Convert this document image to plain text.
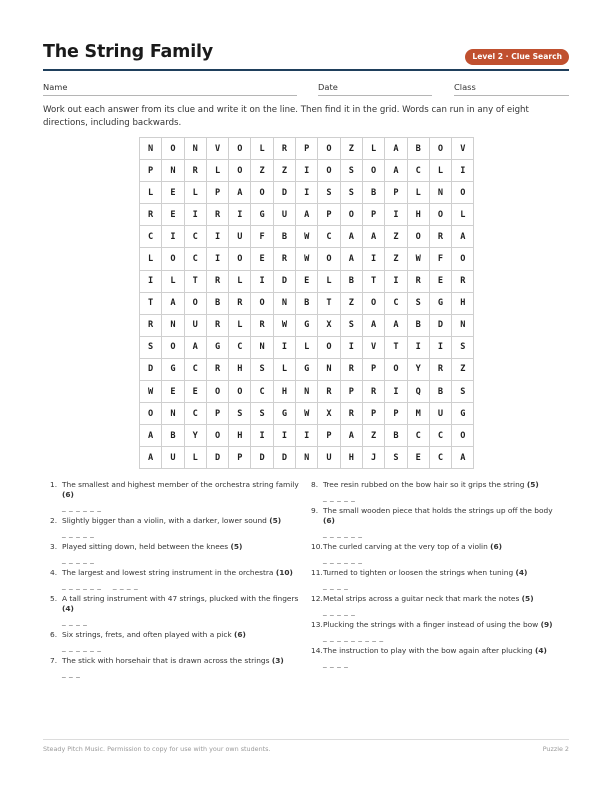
The String Family	Level 2 · Clue Search
Name	Date	Class
Work out each answer from its clue and write it on the line. Then find it in the grid. Words can run in any of eight directions, including backwards.
N	O	N	V	O	L	R	P	O	Z	L	A	B	O	V
P	N	R	L	O	Z	Z	I	O	S	O	A	C	L	I
L	E	L	P	A	O	D	I	S	S	B	P	L	N	O
R	E	I	R	I	G	U	A	P	O	P	I	H	O	L
C	I	C	I	U	F	B	W	C	A	A	Z	O	R	A
L	O	C	I	O	E	R	W	O	A	I	Z	W	F	O
I	L	T	R	L	I	D	E	L	B	T	I	R	E	R
T	A	O	B	R	O	N	B	T	Z	O	C	S	G	H
R	N	U	R	L	R	W	G	X	S	A	A	B	D	N
S	O	A	G	C	N	I	L	O	I	V	T	I	I	S
D	G	C	R	H	S	L	G	N	R	P	O	Y	R	Z
W	E	E	O	O	C	H	N	R	P	R	I	Q	B	S
O	N	C	P	S	S	G	W	X	R	P	P	M	U	G
A	B	Y	O	H	I	I	I	P	A	Z	B	C	C	O
A	U	L	D	P	D	D	N	U	H	J	S	E	C	A
1. The smallest and highest member of the orchestra string family (6)
_ _ _ _ _ _
2. Slightly bigger than a violin, with a darker, lower sound (5)
_ _ _ _ _
3. Played sitting down, held between the knees (5)
_ _ _ _ _
4. The largest and lowest string instrument in the orchestra (10)
_ _ _ _ _ _    _ _ _ _
5. A tall string instrument with 47 strings, plucked with the fingers (4)
_ _ _ _
6. Six strings, frets, and often played with a pick (6)
_ _ _ _ _ _
7. The stick with horsehair that is drawn across the strings (3)
_ _ _
8. Tree resin rubbed on the bow hair so it grips the string (5)
_ _ _ _ _
9. The small wooden piece that holds the strings up off the body (6)
_ _ _ _ _ _
10. The curled carving at the very top of a violin (6)
_ _ _ _ _ _
11. Turned to tighten or loosen the strings when tuning (4)
_ _ _ _
12. Metal strips across a guitar neck that mark the notes (5)
_ _ _ _ _
13. Plucking the strings with a finger instead of using the bow (9)
_ _ _ _ _ _ _ _ _
14. The instruction to play with the bow again after plucking (4)
_ _ _ _
Steady Pitch Music. Permission to copy for use with your own students.	Puzzle 2
